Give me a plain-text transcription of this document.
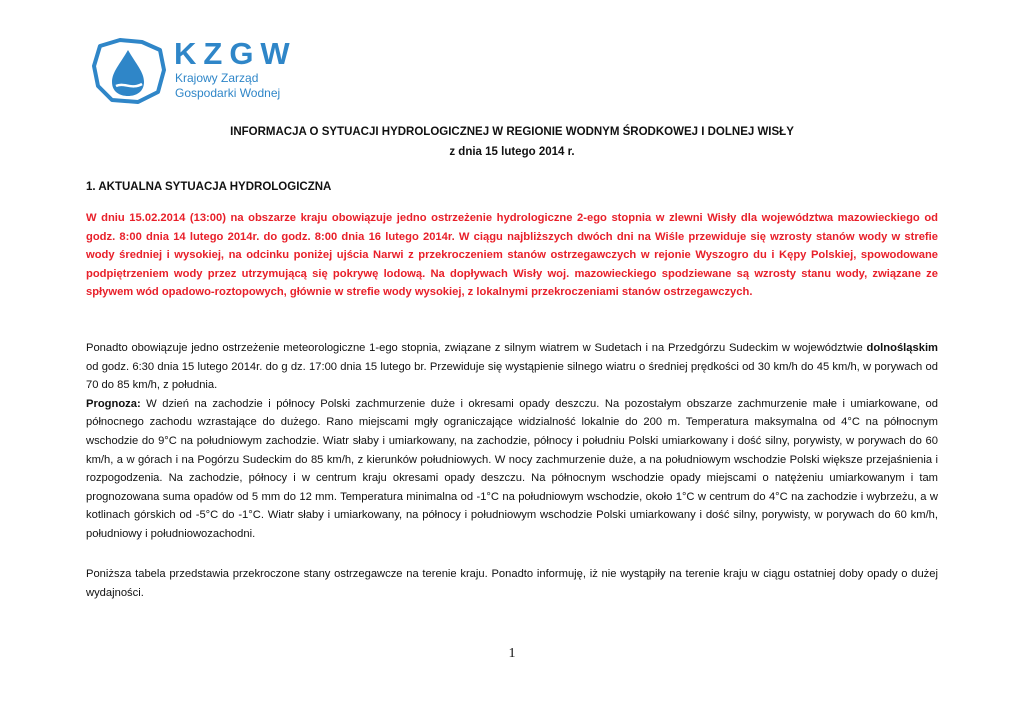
KZGW
Krajowy Zarząd
Gospodarki Wodnej
INFORMACJA O SYTUACJI HYDROLOGICZNEJ W REGIONIE WODNYM ŚRODKOWEJ I DOLNEJ WISŁY
z dnia 15 lutego 2014 r.
1. AKTUALNA SYTUACJA HYDROLOGICZNA

W dniu 15.02.2014 (13:00) na obszarze kraju obowiązuje jedno ostrzeżenie hydrologiczne 2-ego stopnia w zlewni Wisły dla województwa mazowieckiego od godz. 8:00 dnia 14 lutego 2014r. do godz. 8:00 dnia 16 lutego 2014r. W ciągu najbliższych dwóch dni na Wiśle przewiduje się wzrosty stanów wody w strefie wody średniej i wysokiej, na odcinku poniżej ujścia Narwi z przekroczeniem stanów ostrzegawczych w rejonie Wyszogro du i Kępy Polskiej, spowodowane podpiętrzeniem wody przez utrzymującą się pokrywę lodową. Na dopływach Wisły woj. mazowieckiego spodziewane są wzrosty stanu wody, związane ze spływem wód opadowo-roztopowych, głównie w strefie wody wysokiej, z lokalnymi przekroczeniami stanów ostrzegawczych.

Ponadto obowiązuje jedno ostrzeżenie meteorologiczne 1-ego stopnia, związane z silnym wiatrem w Sudetach i na Przedgórzu Sudeckim w województwie dolnośląskim od godz. 6:30 dnia 15 lutego 2014r. do g dz. 17:00 dnia 15 lutego br. Przewiduje się wystąpienie silnego wiatru o średniej prędkości od 30 km/h do 45 km/h, w porywach od 70 do 85 km/h, z południa.
Prognoza: W dzień na zachodzie i północy Polski zachmurzenie duże i okresami opady deszczu. Na pozostałym obszarze zachmurzenie małe i umiarkowane, od północnego zachodu wzrastające do dużego. Rano miejscami mgły ograniczające widzialność lokalnie do 200 m. Temperatura maksymalna od 4°C na północnym wschodzie do 9°C na południowym zachodzie. Wiatr słaby i umiarkowany, na zachodzie, północy i południu Polski umiarkowany i dość silny, porywisty, w porywach do 60 km/h, a w górach i na Pogórzu Sudeckim do 85 km/h, z kierunków południowych. W nocy zachmurzenie duże, a na południowym wschodzie Polski większe przejaśnienia i rozpogodzenia. Na zachodzie, północy i w centrum kraju okresami opady deszczu. Na północnym wschodzie opady miejscami o natężeniu umiarkowanym i tam prognozowana suma opadów od 5 mm do 12 mm. Temperatura minimalna od -1°C na południowym wschodzie, około 1°C w centrum do 4°C na zachodzie i wybrzeżu, a w kotlinach górskich od -5°C do -1°C. Wiatr słaby i umiarkowany, na północy i południowym wschodzie Polski umiarkowany i dość silny, porywisty, w porywach do 60 km/h, południowy i południowozachodni.

Poniższa tabela przedstawia przekroczone stany ostrzegawcze na terenie kraju. Ponadto informuję, iż nie wystąpiły na terenie kraju w ciągu ostatniej doby opady o dużej wydajności.

1
